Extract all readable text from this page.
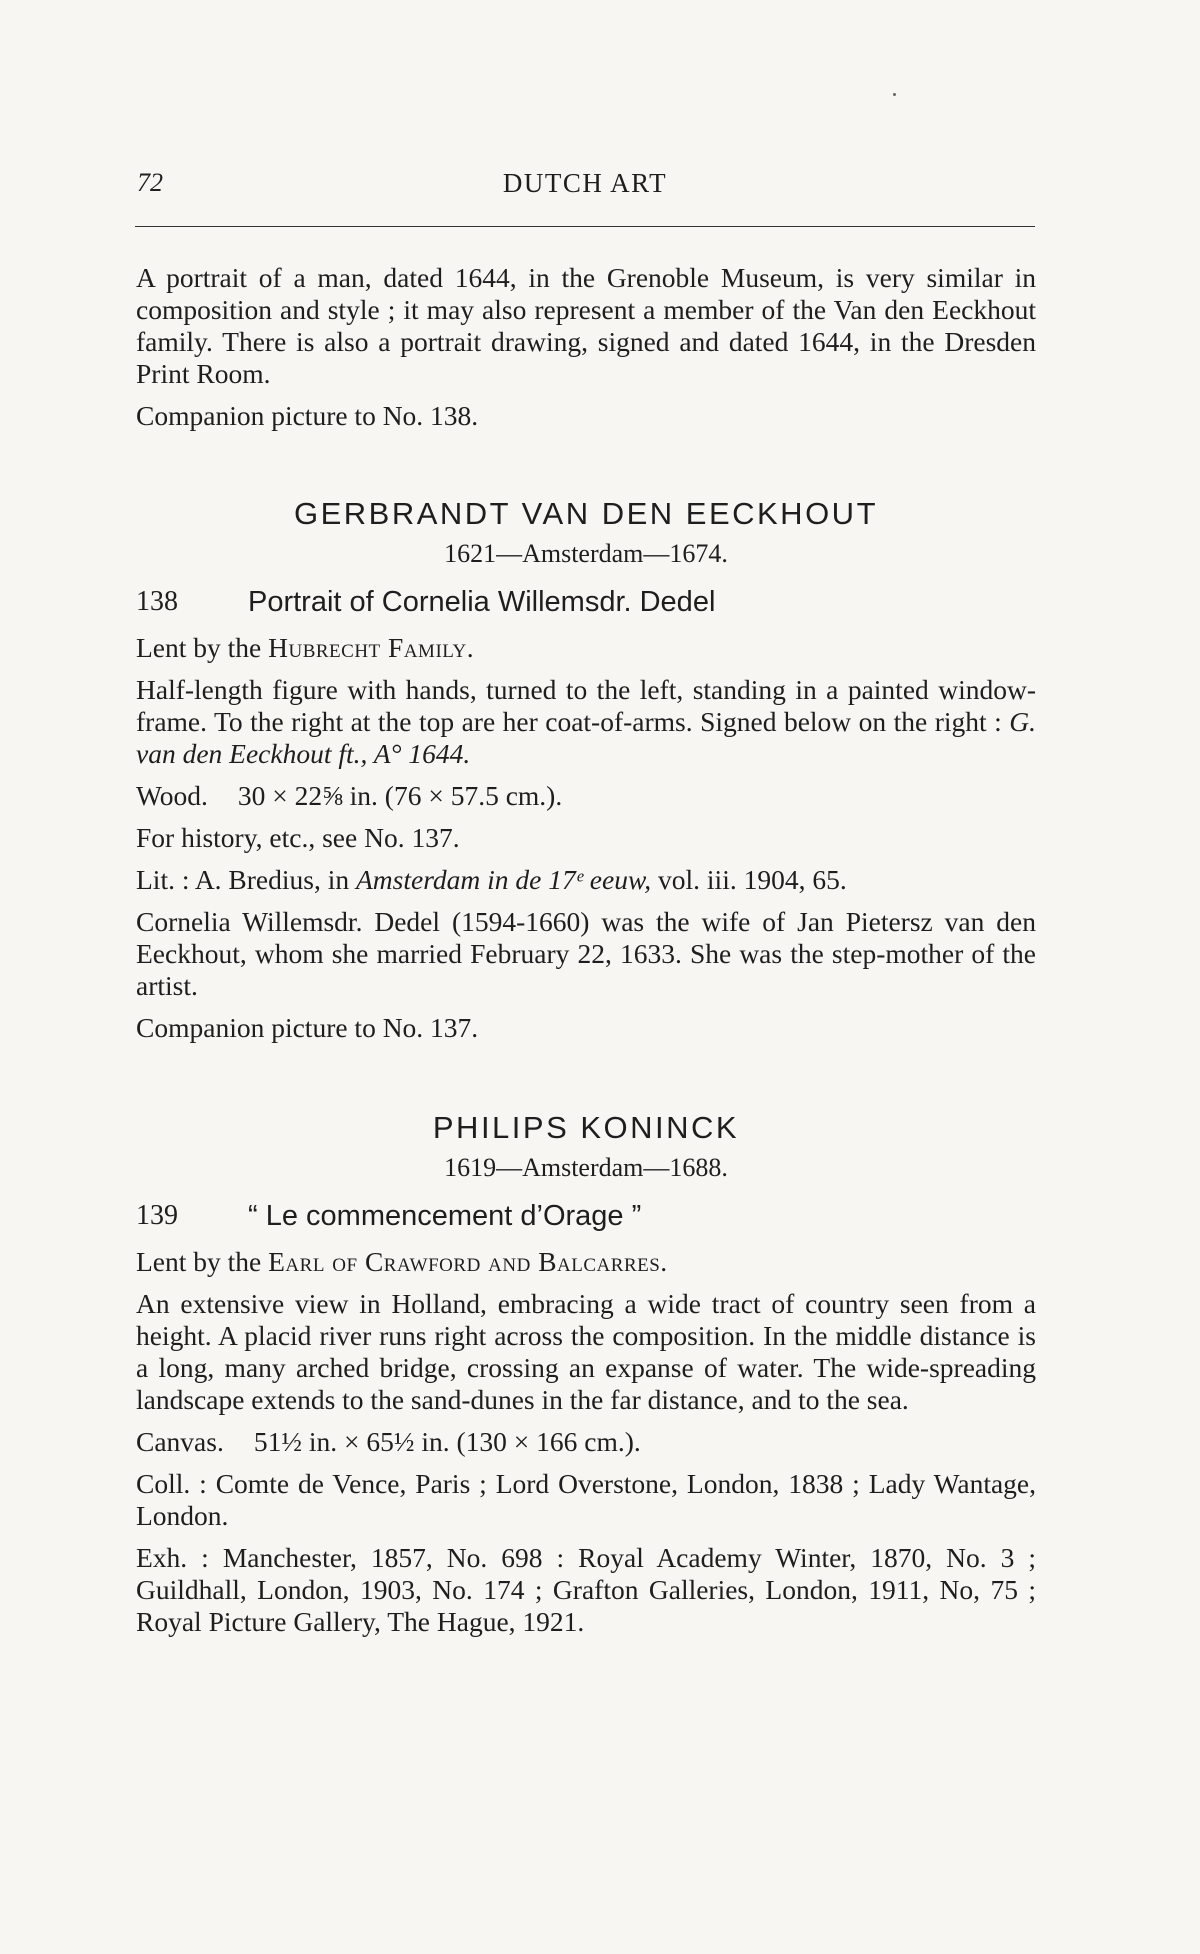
72	DUTCH ART

A portrait of a man, dated 1644, in the Grenoble Museum, is very similar in composition and style ; it may also represent a member of the Van den Eeckhout family. There is also a portrait drawing, signed and dated 1644, in the Dresden Print Room.

Companion picture to No. 138.

GERBRANDT VAN DEN EECKHOUT
1621—Amsterdam—1674.
138	Portrait of Cornelia Willemsdr. Dedel

Lent by the Hubrecht Family.

Half-length figure with hands, turned to the left, standing in a painted window-frame. To the right at the top are her coat-of-arms. Signed below on the right : G. van den Eeckhout ft., A° 1644.

Wood. 30 × 22⅝ in. (76 × 57.5 cm.).

For history, etc., see No. 137.

Lit. : A. Bredius, in Amsterdam in de 17ᵉ eeuw, vol. iii. 1904, 65.

Cornelia Willemsdr. Dedel (1594-1660) was the wife of Jan Pietersz van den Eeckhout, whom she married February 22, 1633. She was the step-mother of the artist.

Companion picture to No. 137.

PHILIPS KONINCK
1619—Amsterdam—1688.
139	“ Le commencement d’Orage ”

Lent by the Earl of Crawford and Balcarres.

An extensive view in Holland, embracing a wide tract of country seen from a height. A placid river runs right across the composition. In the middle distance is a long, many arched bridge, crossing an expanse of water. The wide-spreading landscape extends to the sand-dunes in the far distance, and to the sea.

Canvas. 51½ in. × 65½ in. (130 × 166 cm.).

Coll. : Comte de Vence, Paris ; Lord Overstone, London, 1838 ; Lady Wantage, London.

Exh. : Manchester, 1857, No. 698 : Royal Academy Winter, 1870, No. 3 ; Guildhall, London, 1903, No. 174 ; Grafton Galleries, London, 1911, No, 75 ; Royal Picture Gallery, The Hague, 1921.
